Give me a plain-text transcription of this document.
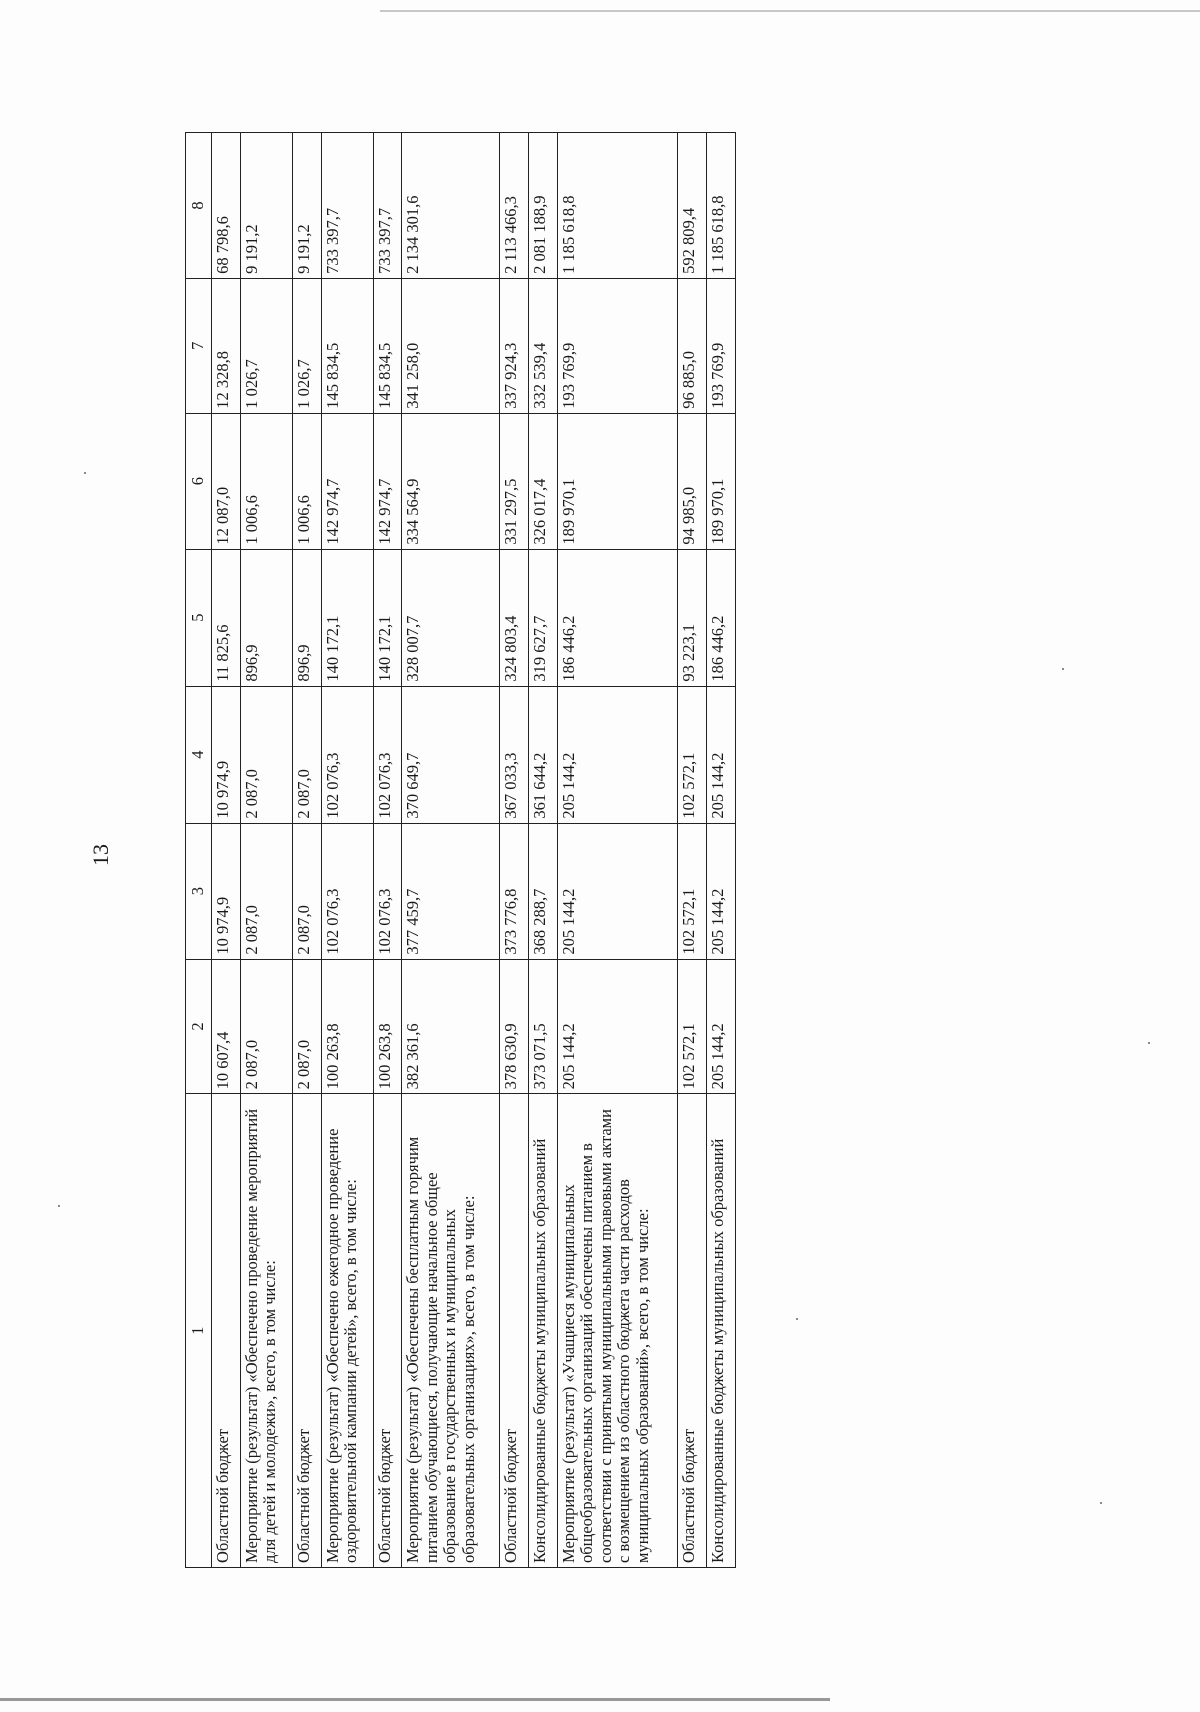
13
1	2	3	4	5	6	7	8
Областной бюджет	10 607,4	10 974,9	10 974,9	11 825,6	12 087,0	12 328,8	68 798,6
Мероприятие (результат) «Обеспечено проведение мероприятий для детей и молодежи», всего, в том числе:	2 087,0	2 087,0	2 087,0	896,9	1 006,6	1 026,7	9 191,2
Областной бюджет	2 087,0	2 087,0	2 087,0	896,9	1 006,6	1 026,7	9 191,2
Мероприятие (результат) «Обеспечено ежегодное проведение оздоровительной кампании детей», всего, в том числе:	100 263,8	102 076,3	102 076,3	140 172,1	142 974,7	145 834,5	733 397,7
Областной бюджет	100 263,8	102 076,3	102 076,3	140 172,1	142 974,7	145 834,5	733 397,7
Мероприятие (результат) «Обеспечены бесплатным горячим питанием обучающиеся, получающие начальное общее образование в государственных и муниципальных образовательных организациях», всего, в том числе:	382 361,6	377 459,7	370 649,7	328 007,7	334 564,9	341 258,0	2 134 301,6
Областной бюджет	378 630,9	373 776,8	367 033,3	324 803,4	331 297,5	337 924,3	2 113 466,3
Консолидированные бюджеты муниципальных образований	373 071,5	368 288,7	361 644,2	319 627,7	326 017,4	332 539,4	2 081 188,9
Мероприятие (результат) «Учащиеся муниципальных общеобразовательных организаций обеспечены питанием в соответствии с принятыми муниципальными правовыми актами с возмещением из областного бюджета части расходов муниципальных образований», всего, в том числе:	205 144,2	205 144,2	205 144,2	186 446,2	189 970,1	193 769,9	1 185 618,8
Областной бюджет	102 572,1	102 572,1	102 572,1	93 223,1	94 985,0	96 885,0	592 809,4
Консолидированные бюджеты муниципальных образований	205 144,2	205 144,2	205 144,2	186 446,2	189 970,1	193 769,9	1 185 618,8
